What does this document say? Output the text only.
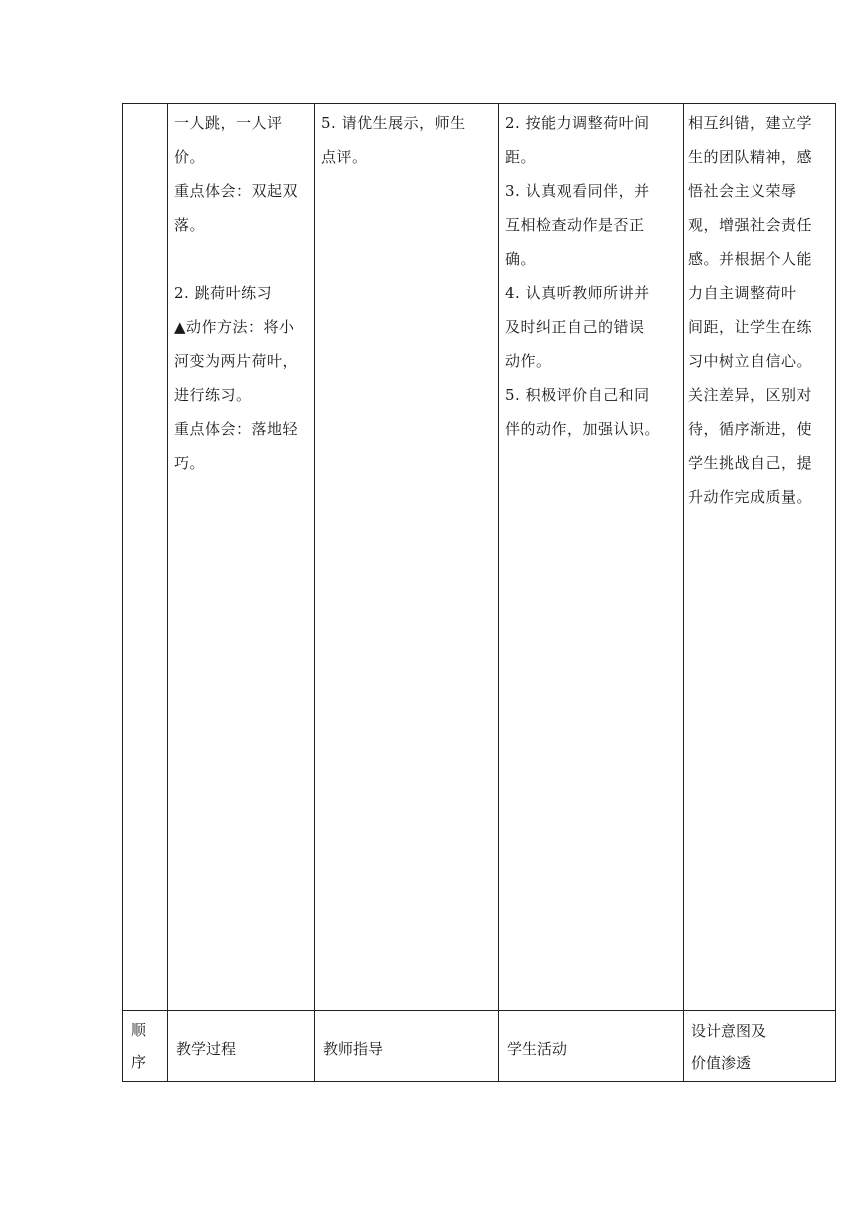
一人跳，一人评

价。

重点体会：双起双

落。

2. 跳荷叶练习

▲动作方法：将小

河变为两片荷叶，

进行练习。

重点体会：落地轻

巧。

5. 请优生展示，师生

点评。

2. 按能力调整荷叶间

距。

3. 认真观看同伴，并

互相检查动作是否正

确。

4. 认真听教师所讲并

及时纠正自己的错误

动作。

5. 积极评价自己和同

伴的动作，加强认识。

相互纠错，建立学

生的团队精神，感

悟社会主义荣辱

观，增强社会责任

感。并根据个人能

力自主调整荷叶

间距，让学生在练

习中树立自信心。

关注差异，区别对

待，循序渐进，使

学生挑战自己，提

升动作完成质量。

顺
序
教学过程	教师指导	学生活动
设计意图及
价值渗透
